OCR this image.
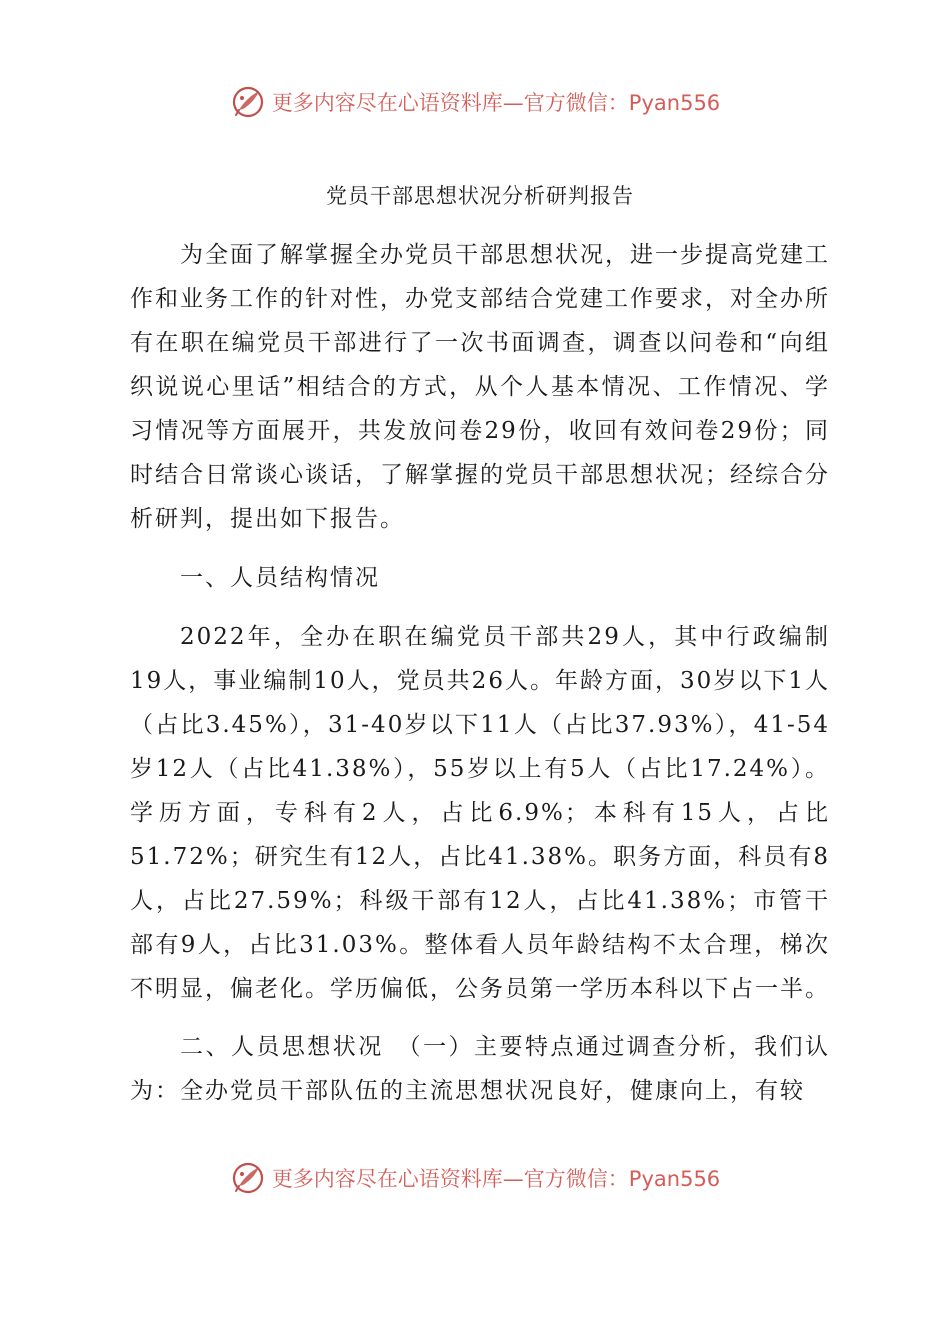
更多内容尽在心语资料库—官方微信：Pyan556
党员干部思想状况分析研判报告

为全面了解掌握全办党员干部思想状况，进一步提高党建工作和业务工作的针对性，办党支部结合党建工作要求，对全办所有在职在编党员干部进行了一次书面调查，调查以问卷和“向组织说说心里话”相结合的方式，从个人基本情况、工作情况、学习情况等方面展开，共发放问卷29份，收回有效问卷29份；同时结合日常谈心谈话，了解掌握的党员干部思想状况；经综合分析研判，提出如下报告。

一、人员结构情况

2022年，全办在职在编党员干部共29人，其中行政编制19人，事业编制10人，党员共26人。年龄方面，30岁以下1人（占比3.45%），31-40岁以下11人（占比37.93%），41-54岁12人（占比41.38%），55岁以上有5人（占比17.24%）。学历方面，专科有2人，占比6.9%；本科有15人，占比51.72%；研究生有12人，占比41.38%。职务方面，科员有8人，占比27.59%；科级干部有12人，占比41.38%；市管干部有9人，占比31.03%。整体看人员年龄结构不太合理，梯次不明显，偏老化。学历偏低，公务员第一学历本科以下占一半。

二、人员思想状况　（一）主要特点通过调查分析，我们认为：全办党员干部队伍的主流思想状况良好，健康向上，有较

更多内容尽在心语资料库—官方微信：Pyan556
